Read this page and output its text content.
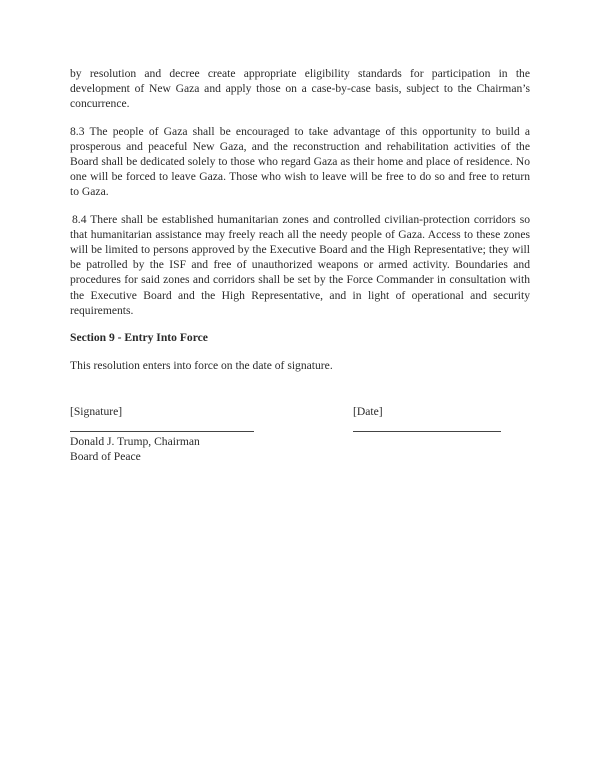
by resolution and decree create appropriate eligibility standards for participation in the development of New Gaza and apply those on a case-by-case basis, subject to the Chairman’s concurrence.

8.3 The people of Gaza shall be encouraged to take advantage of this opportunity to build a prosperous and peaceful New Gaza, and the reconstruction and rehabilitation activities of the Board shall be dedicated solely to those who regard Gaza as their home and place of residence. No one will be forced to leave Gaza. Those who wish to leave will be free to do so and free to return to Gaza.

8.4 There shall be established humanitarian zones and controlled civilian-protection corridors so that humanitarian assistance may freely reach all the needy people of Gaza. Access to these zones will be limited to persons approved by the Executive Board and the High Representative; they will be patrolled by the ISF and free of unauthorized weapons or armed activity. Boundaries and procedures for said zones and corridors shall be set by the Force Commander in consultation with the Executive Board and the High Representative, and in light of operational and security requirements.

Section 9 - Entry Into Force

This resolution enters into force on the date of signature.

[Signature]
Donald J. Trump, Chairman
Board of Peace
[Date]
